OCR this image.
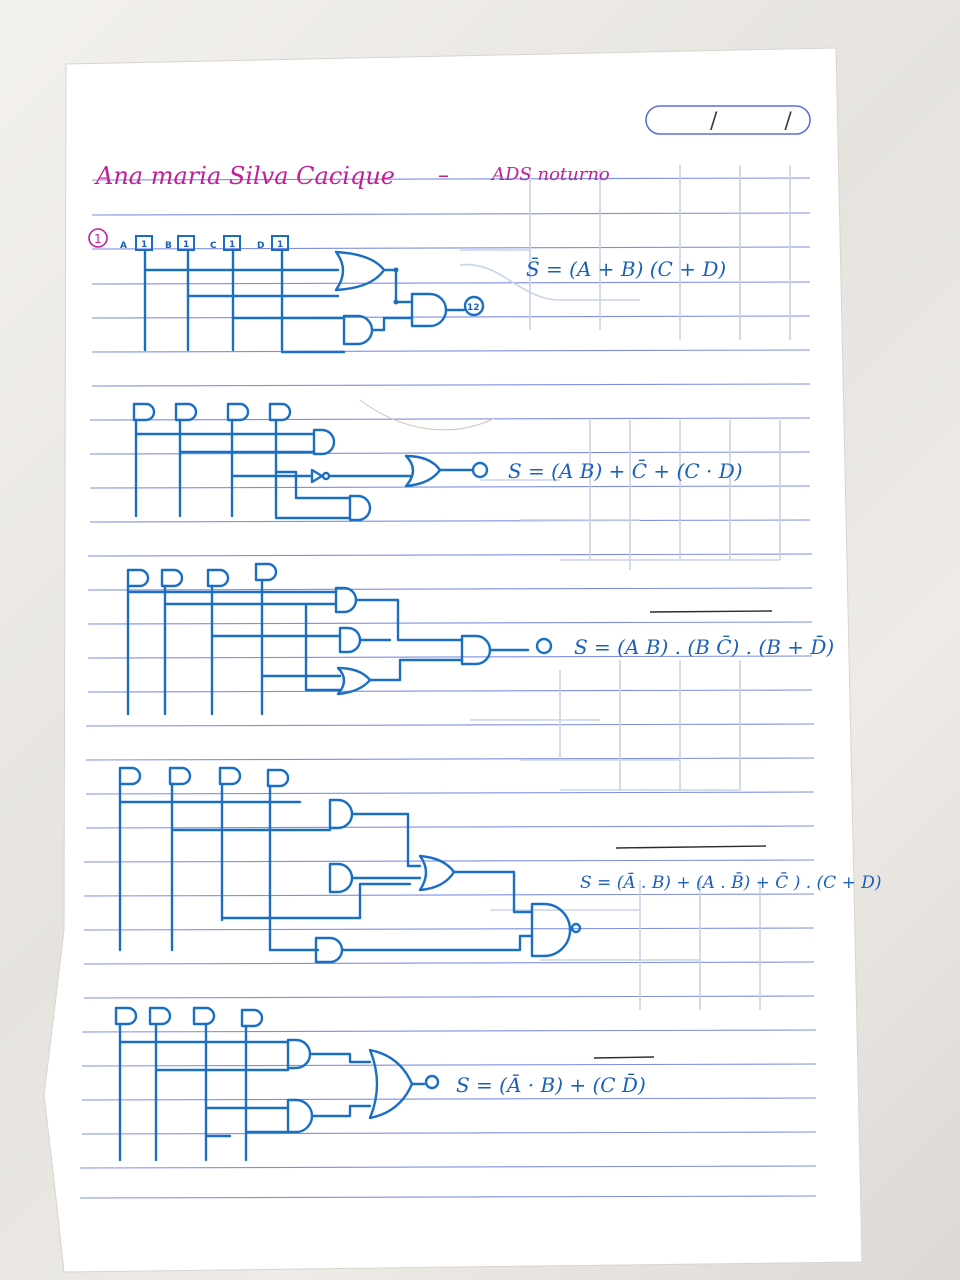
/ /
Ana maria Silva Cacique – ADS noturno
1 A 1 B 1 C 1 D 1
12
S̄ = (A + B) (C + D)
S = (A B) + C̄ + (C · D)
S = (A B) . (B C̄) . (B + D̄)
S = (Ā . B) + (A . B̄) + C̄ ) . (C + D)
S = (Ā · B) + (C D̄)
